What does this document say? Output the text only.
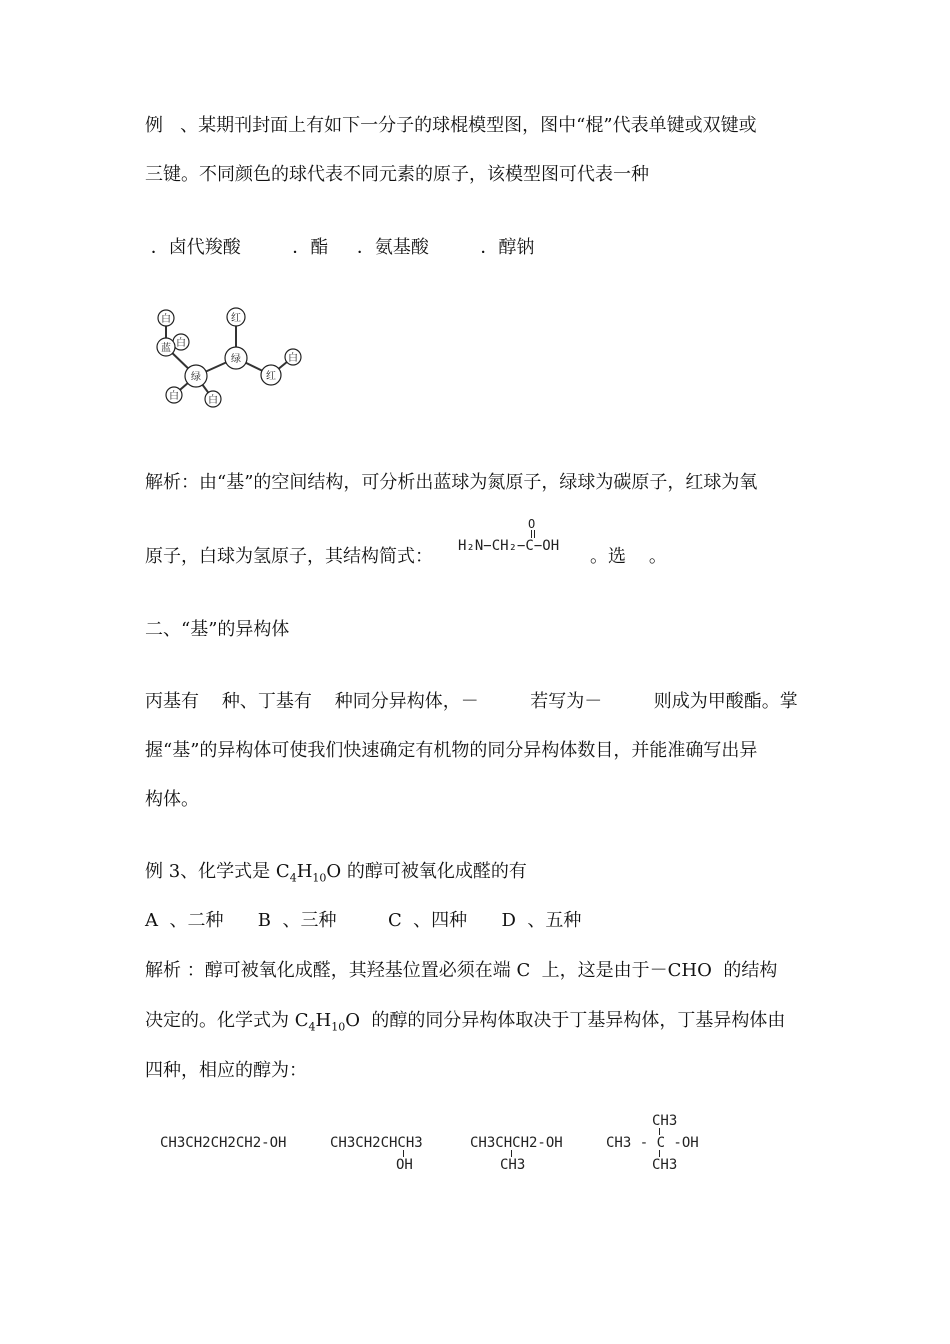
例   、某期刊封面上有如下一分子的球棍模型图，图中“棍”代表单键或双键或

三键。不同颜色的球代表不同元素的原子，该模型图可代表一种

．卤代羧酸         ．酯     ．氨基酸         ．醇钠

白
白
蓝
白
绿
白
白
红
绿
红

解析：由“基”的空间结构，可分析出蓝球为氮原子，绿球为碳原子，红球为氧

原子，白球为氢原子，其结构简式：

O
H₂N−CH₂−C−OH 。选    。

二、“基”的异构体

丙基有    种、丁基有    种同分异构体，－         若写为－         则成为甲酸酯。掌

握“基”的异构体可使我们快速确定有机物的同分异构体数目，并能准确写出异

构体。

例 3、化学式是 $C_4H_{10}O$ 的醇可被氧化成醛的有

A  、二种      B  、三种         C  、四种      D  、五种

解析 ：醇可被氧化成醛，其羟基位置必须在端 C  上，这是由于－CHO  的结构

决定的。化学式为 $C_4H_{10}O$  的醇的同分异构体取决于丁基异构体，丁基异构体由

四种，相应的醇为：

CH3CH2CH2CH2-OH	CH3CH2CHCH3
OH
CH3CHCH2-OH
CH3
CH3
CH3 - C -OH
CH3
